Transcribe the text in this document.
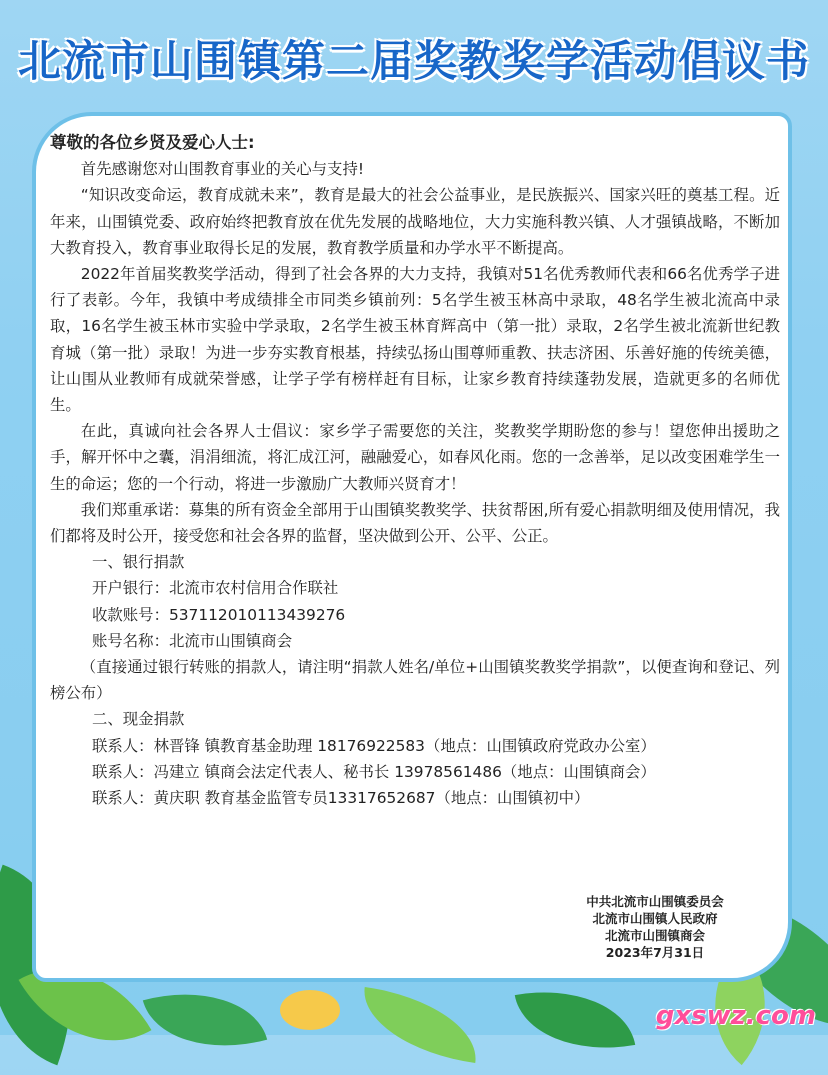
北流市山围镇第二届奖教奖学活动倡议书

尊敬的各位乡贤及爱心人士:

首先感谢您对山围教育事业的关心与支持!

“知识改变命运，教育成就未来”，教育是最大的社会公益事业，是民族振兴、国家兴旺的奠基工程。近年来，山围镇党委、政府始终把教育放在优先发展的战略地位，大力实施科教兴镇、人才强镇战略，不断加大教育投入，教育事业取得长足的发展，教育教学质量和办学水平不断提高。

2022年首届奖教奖学活动，得到了社会各界的大力支持，我镇对51名优秀教师代表和66名优秀学子进行了表彰。今年，我镇中考成绩排全市同类乡镇前列：5名学生被玉林高中录取，48名学生被北流高中录取，16名学生被玉林市实验中学录取，2名学生被玉林育辉高中（第一批）录取，2名学生被北流新世纪教育城（第一批）录取！为进一步夯实教育根基，持续弘扬山围尊师重教、扶志济困、乐善好施的传统美德，让山围从业教师有成就荣誉感，让学子学有榜样赶有目标，让家乡教育持续蓬勃发展，造就更多的名师优生。

在此，真诚向社会各界人士倡议：家乡学子需要您的关注，奖教奖学期盼您的参与！望您伸出援助之手，解开怀中之囊，涓涓细流，将汇成江河，融融爱心，如春风化雨。您的一念善举，足以改变困难学生一生的命运；您的一个行动，将进一步激励广大教师兴贤育才！

我们郑重承诺：募集的所有资金全部用于山围镇奖教奖学、扶贫帮困,所有爱心捐款明细及使用情况，我们都将及时公开，接受您和社会各界的监督，坚决做到公开、公平、公正。

一、银行捐款

开户银行：北流市农村信用合作联社

收款账号：537112010113439276

账号名称：北流市山围镇商会

（直接通过银行转账的捐款人，请注明“捐款人姓名/单位+山围镇奖教奖学捐款”，以便查询和登记、列榜公布）

二、现金捐款

联系人：林晋锋 镇教育基金助理 18176922583（地点：山围镇政府党政办公室）

联系人：冯建立 镇商会法定代表人、秘书长 13978561486（地点：山围镇商会）

联系人：黄庆职 教育基金监管专员13317652687（地点：山围镇初中）

中共北流市山围镇委员会
北流市山围镇人民政府
北流市山围镇商会
2023年7月31日
gxswz.com
